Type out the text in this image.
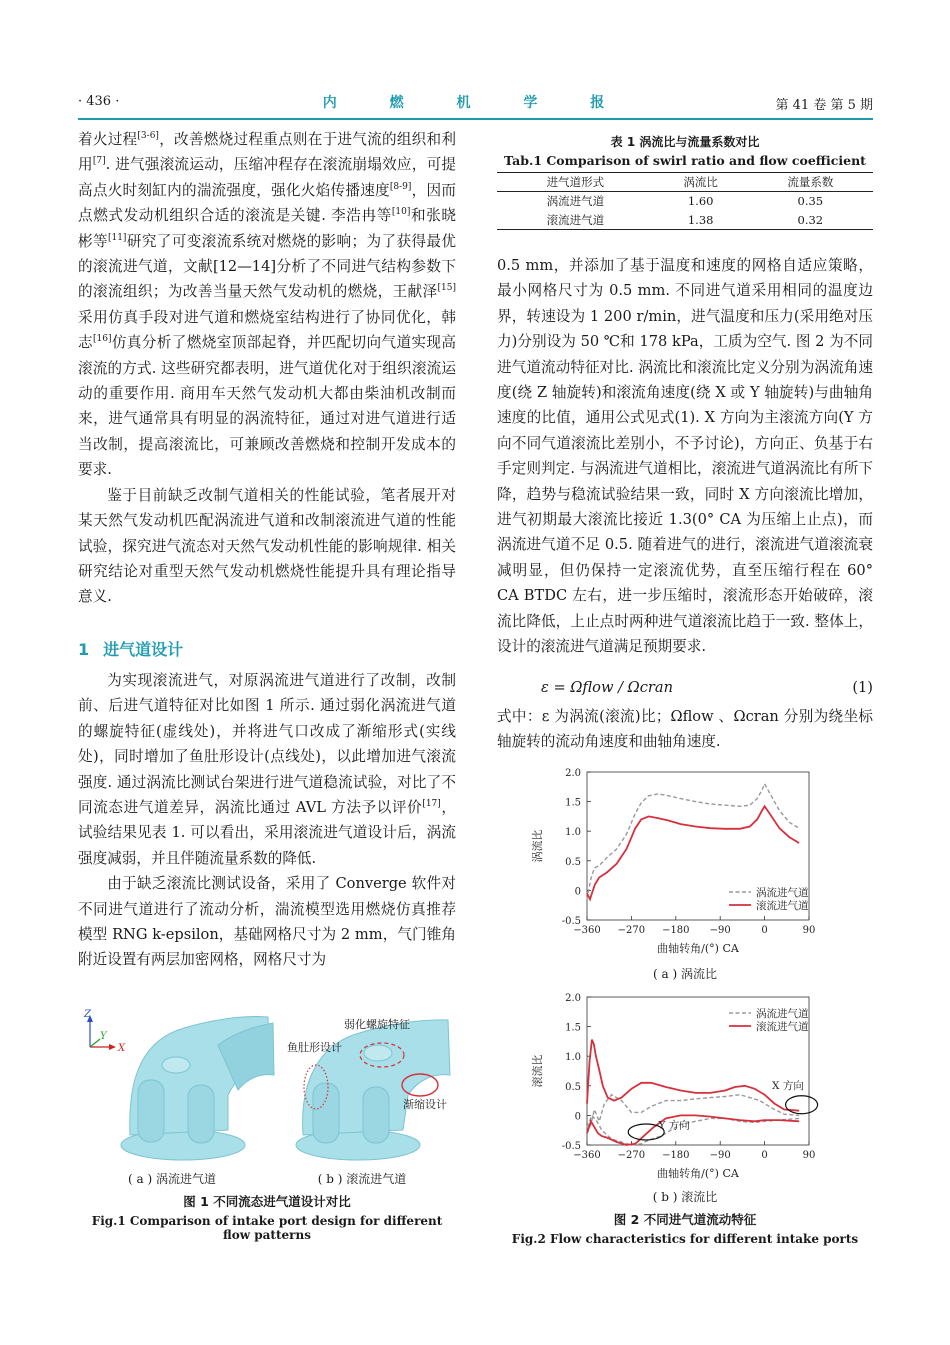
· 436 ·	内 燃 机 学 报	第 41 卷 第 5 期

着火过程[3-6]，改善燃烧过程重点则在于进气流的组织和利用[7]. 进气强滚流运动，压缩冲程存在滚流崩塌效应，可提高点火时刻缸内的湍流强度，强化火焰传播速度[8-9]，因而点燃式发动机组织合适的滚流是关键. 李浩冉等[10]和张晓彬等[11]研究了可变滚流系统对燃烧的影响；为了获得最优的滚流进气道，文献[12—14]分析了不同进气结构参数下的滚流组织；为改善当量天然气发动机的燃烧，王献泽[15]采用仿真手段对进气道和燃烧室结构进行了协同优化，韩志[16]仿真分析了燃烧室顶部起脊，并匹配切向气道实现高滚流的方式. 这些研究都表明，进气道优化对于组织滚流运动的重要作用. 商用车天然气发动机大都由柴油机改制而来，进气通常具有明显的涡流特征，通过对进气道进行适当改制，提高滚流比，可兼顾改善燃烧和控制开发成本的要求.

鉴于目前缺乏改制气道相关的性能试验，笔者展开对某天然气发动机匹配涡流进气道和改制滚流进气道的性能试验，探究进气流态对天然气发动机性能的影响规律. 相关研究结论对重型天然气发动机燃烧性能提升具有理论指导意义.

1 进气道设计

为实现滚流进气，对原涡流进气道进行了改制，改制前、后进气道特征对比如图 1 所示. 通过弱化涡流进气道的螺旋特征(虚线处)，并将进气口改成了渐缩形式(实线处)，同时增加了鱼肚形设计(点线处)，以此增加进气滚流强度. 通过涡流比测试台架进行进气道稳流试验，对比了不同流态进气道差异，涡流比通过 AVL 方法予以评价[17]，试验结果见表 1. 可以看出，采用滚流进气道设计后，涡流强度减弱，并且伴随流量系数的降低.

由于缺乏滚流比测试设备，采用了 Converge 软件对不同进气道进行了流动分析，湍流模型选用燃烧仿真推荐模型 RNG k-epsilon，基础网格尺寸为 2 mm，气门锥角附近设置有两层加密网格，网格尺寸为

Z
Y
X	鱼肚形设计
弱化螺旋特征
渐缩设计
( a ) 涡流进气道	( b ) 滚流进气道
图 1 不同流态进气道设计对比
Fig.1 Comparison of intake port design for different flow patterns
表 1 涡流比与流量系数对比
Tab.1 Comparison of swirl ratio and flow coefficient
进气道形式	涡流比	流量系数
涡流进气道	1.60	0.35
滚流进气道	1.38	0.32

0.5 mm，并添加了基于温度和速度的网格自适应策略，最小网格尺寸为 0.5 mm. 不同进气道采用相同的温度边界，转速设为 1 200 r/min，进气温度和压力(采用绝对压力)分别设为 50 ℃和 178 kPa，工质为空气. 图 2 为不同进气道流动特征对比. 涡流比和滚流比定义分别为涡流角速度(绕 Z 轴旋转)和滚流角速度(绕 X 或 Y 轴旋转)与曲轴角速度的比值，通用公式见式(1). X 方向为主滚流方向(Y 方向不同气道滚流比差别小，不予讨论)，方向正、负基于右手定则判定. 与涡流进气道相比，滚流进气道涡流比有所下降，趋势与稳流试验结果一致，同时 X 方向滚流比增加，进气初期最大滚流比接近 1.3(0° CA 为压缩上止点)，而涡流进气道不足 0.5. 随着进气的进行，滚流进气道滚流衰减明显，但仍保持一定滚流优势，直至压缩行程在 60° CA BTDC 左右，进一步压缩时，滚流形态开始破碎，滚流比降低，上止点时两种进气道滚流比趋于一致. 整体上，设计的滚流进气道满足预期要求.

ε = Ωflow / Ωcran	(1)

式中：ε 为涡流(滚流)比；Ωflow 、Ωcran 分别为绕坐标轴旋转的流动角速度和曲轴角速度.

-0.5
0
0.5
1.0
1.5
2.0
−360 −270 −180 −90	0	90
曲轴转角/(°) CA
涡流比
涡流进气道
滚流进气道
( a ) 涡流比
-0.5
0
0.5
1.0
1.5
2.0
−360 −270 −180 −90	0	90
曲轴转角/(°) CA
滚流比
涡流进气道
滚流进气道
X 方向
Y 方向
( b ) 滚流比
图 2 不同进气道流动特征
Fig.2 Flow characteristics for different intake ports
